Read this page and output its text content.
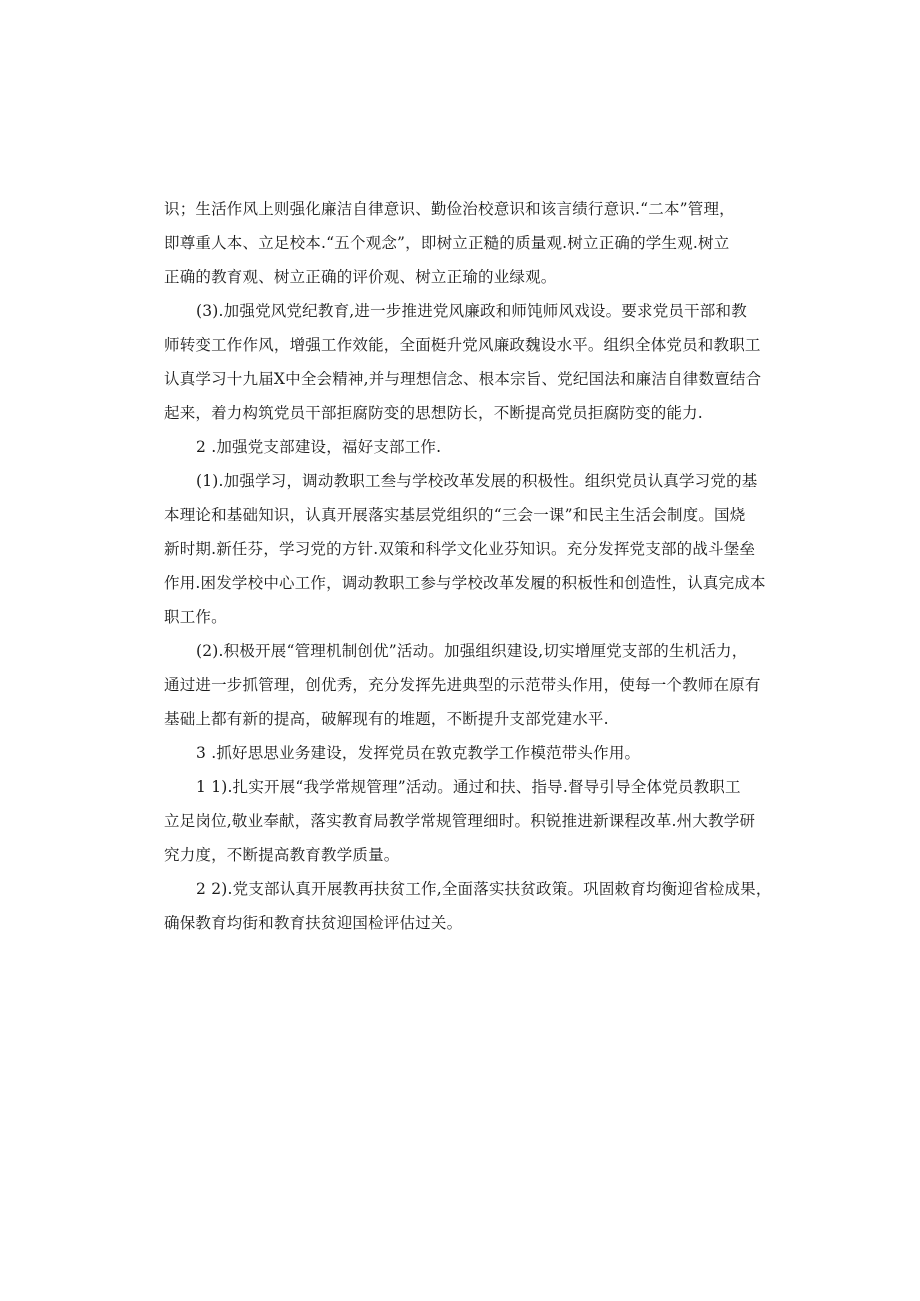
识；生活作风上则强化廉洁自律意识、勤俭治校意识和该言绩行意识.“二本”管理，
即尊重人本、立足校本.“五个观念”，即树立正糙的质量观.树立正确的学生观.树立
正确的教育观、树立正确的评价观、树立正瑜的业绿观。
(3).加强党风党纪教育,进一步推进党风廉政和师饨师风戏设。要求党员干部和教
师转变工作作风，增强工作效能，全面梃升党风廉政魏设水平。组织全体党员和教职工
认真学习十九届X中全会精神,并与理想信念、根本宗旨、党纪国法和廉洁自律数亶结合
起来，着力构筑党员干部拒腐防变的思想防长，不断提高党员拒腐防变的能力.
2 .加强党支部建设，福好支部工作.
(1).加强学习，调动教职工叁与学校改革发展的积极性。组织党员认真学习党的基
本理论和基础知识，认真开展落实基层党组织的“三会一课”和民主生活会制度。国烧
新时期.新任芬，学习党的方针.双策和科学文化业芬知识。充分发挥党支部的战斗堡垒
作用.困发学校中心工作，调动教职工参与学校改革发履的积板性和创造性，认真完成本
职工作。
(2).积极开展“管理机制创优”活动。加强组织建设,切实增厘党支部的生机活力，
通过进一步抓管理，创优秀，充分发挥先进典型的示范带头作用，使每一个教师在原有
基础上都有新的提高，破解现有的堆题，不断提升支部党建水平.
3 .抓好思思业务建设，发挥党员在敦克教学工作模范带头作用。
1 1).扎实开展“我学常规管理”活动。通过和扶、指导.督导引导全体党员教职工
立足岗位,敬业奉献，落实教育局教学常规管理细时。积锐推进新课程改革.州大教学研
究力度，不断提高教育教学质量。
2 2).党支部认真开展教再扶贫工作,全面落实扶贫政策。巩固敕育均衡迎省检成果，
确保教育均街和教育扶贫迎国检评估过关。
